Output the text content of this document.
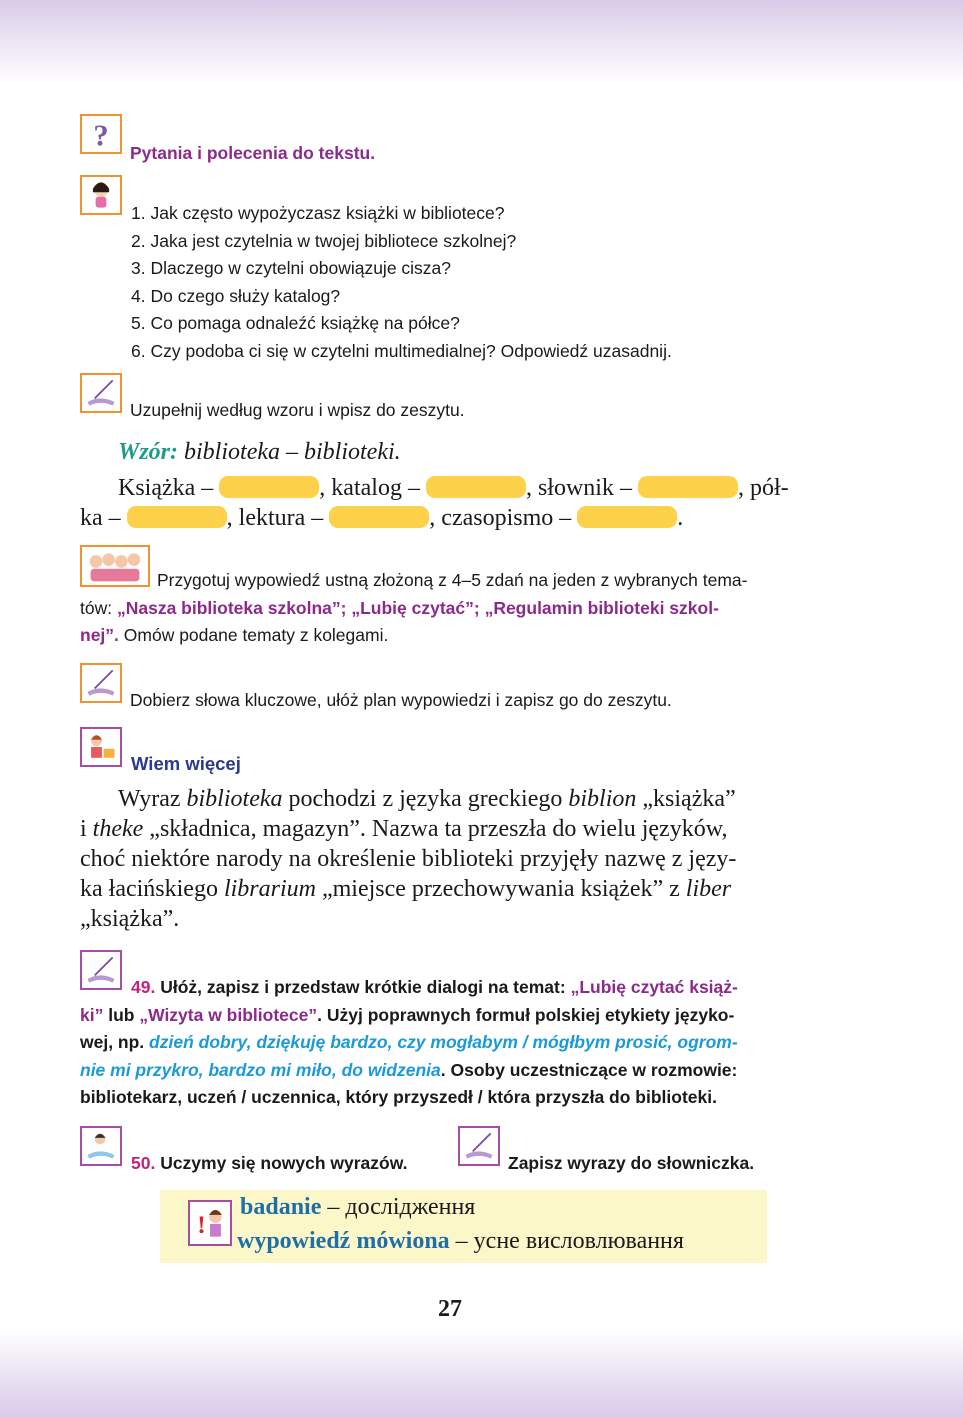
?
Pytania i polecenia do tekstu.
1. Jak często wypożyczasz książki w bibliotece?
2. Jaka jest czytelnia w twojej bibliotece szkolnej?
3. Dlaczego w czytelni obowiązuje cisza?
4. Do czego służy katalog?
5. Co pomaga odnaleźć książkę na półce?
6. Czy podoba ci się w czytelni multimedialnej? Odpowiedź uzasadnij.
Uzupełnij według wzoru i wpisz do zeszytu.
Wzór: biblioteka – biblioteki.
Książka –	, katalog –	, słownik –	, pół-
ka –	, lektura –	, czasopismo –	.
Przygotuj wypowiedź ustną złożoną z 4–5 zdań na jeden z wybranych tema-
tów: „Nasza biblioteka szkolna”; „Lubię czytać”; „Regulamin biblioteki szkol-
nej”. Omów podane tematy z kolegami.
Dobierz słowa kluczowe, ułóż plan wypowiedzi i zapisz go do zeszytu.
Wiem więcej
Wyraz biblioteka pochodzi z języka greckiego biblion „książka”
i theke „składnica, magazyn”. Nazwa ta przeszła do wielu języków,
choć niektóre narody na określenie biblioteki przyjęły nazwę z języ-
ka łacińskiego librarium „miejsce przechowywania książek” z liber
„książka”.
49. Ułóż, zapisz i przedstaw krótkie dialogi na temat: „Lubię czytać książ-
ki” lub „Wizyta w bibliotece”. Użyj poprawnych formuł polskiej etykiety języko-
wej, np. dzień dobry, dziękuję bardzo, czy mogłabym / mógłbym prosić, ogrom-
nie mi przykro, bardzo mi miło, do widzenia. Osoby uczestniczące w rozmowie:
bibliotekarz, uczeń / uczennica, który przyszedł / która przyszła do biblioteki.
50. Uczymy się nowych wyrazów.	Zapisz wyrazy do słowniczka.
!
badanie – дослідження
wypowiedź mówiona – усне висловлювання
27
